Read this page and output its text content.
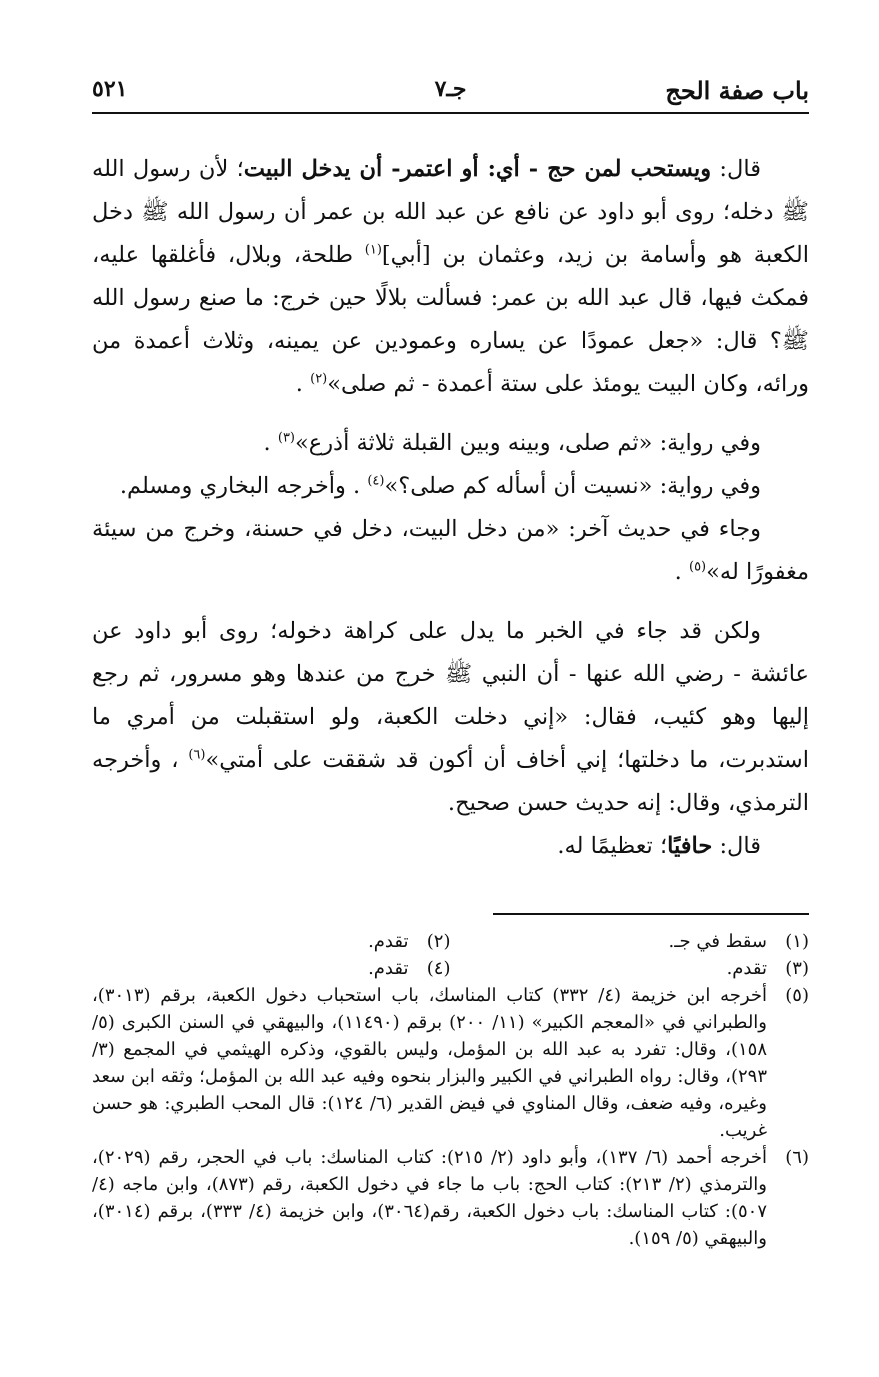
باب صفة الحج
جـ٧
٥٢١

قال: ويستحب لمن حج - أي: أو اعتمر- أن يدخل البيت؛ لأن رسول الله ﷺ دخله؛ روى أبو داود عن نافع عن عبد الله بن عمر أن رسول الله ﷺ دخل الكعبة هو وأسامة بن زيد، وعثمان بن [أبي]$^{(١)}$ طلحة، وبلال، فأغلقها عليه، فمكث فيها، قال عبد الله بن عمر: فسألت بلالًا حين خرج: ما صنع رسول الله ﷺ؟ قال: «جعل عمودًا عن يساره وعمودين عن يمينه، وثلاث أعمدة من ورائه، وكان البيت يومئذ على ستة أعمدة - ثم صلى»$^{(٢)}$ .

وفي رواية: «ثم صلى، وبينه وبين القبلة ثلاثة أذرع»$^{(٣)}$ .

وفي رواية: «نسيت أن أسأله كم صلى؟»$^{(٤)}$ . وأخرجه البخاري ومسلم.

وجاء في حديث آخر: «من دخل البيت، دخل في حسنة، وخرج من سيئة مغفورًا له»$^{(٥)}$ .

ولكن قد جاء في الخبر ما يدل على كراهة دخوله؛ روى أبو داود عن عائشة - رضي الله عنها - أن النبي ﷺ خرج من عندها وهو مسرور، ثم رجع إليها وهو كئيب، فقال: «إني دخلت الكعبة، ولو استقبلت من أمري ما استدبرت، ما دخلتها؛ إني أخاف أن أكون قد شققت على أمتي»$^{(٦)}$ ، وأخرجه الترمذي، وقال: إنه حديث حسن صحيح.

قال: حافيًا؛ تعظيمًا له.

(١)
سقط في جـ.
(٢)
تقدم.
(٣)
تقدم.
(٤)
تقدم.
(٥)
أخرجه ابن خزيمة (٤/ ٣٣٢) كتاب المناسك، باب استحباب دخول الكعبة، برقم (٣٠١٣)، والطبراني في «المعجم الكبير» (١١/ ٢٠٠) برقم (١١٤٩٠)، والبيهقي في السنن الكبرى (٥/ ١٥٨)، وقال: تفرد به عبد الله بن المؤمل، وليس بالقوي، وذكره الهيثمي في المجمع (٣/ ٢٩٣)، وقال: رواه الطبراني في الكبير والبزار بنحوه وفيه عبد الله بن المؤمل؛ وثقه ابن سعد وغيره، وفيه ضعف، وقال المناوي في فيض القدير (٦/ ١٢٤): قال المحب الطبري: هو حسن غريب.
(٦)
أخرجه أحمد (٦/ ١٣٧)، وأبو داود (٢/ ٢١٥): كتاب المناسك: باب في الحجر، رقم (٢٠٢٩)، والترمذي (٢/ ٢١٣): كتاب الحج: باب ما جاء في دخول الكعبة، رقم (٨٧٣)، وابن ماجه (٤/ ٥٠٧): كتاب المناسك: باب دخول الكعبة، رقم(٣٠٦٤)، وابن خزيمة (٤/ ٣٣٣)، برقم (٣٠١٤)، والبيهقي (٥/ ١٥٩).
